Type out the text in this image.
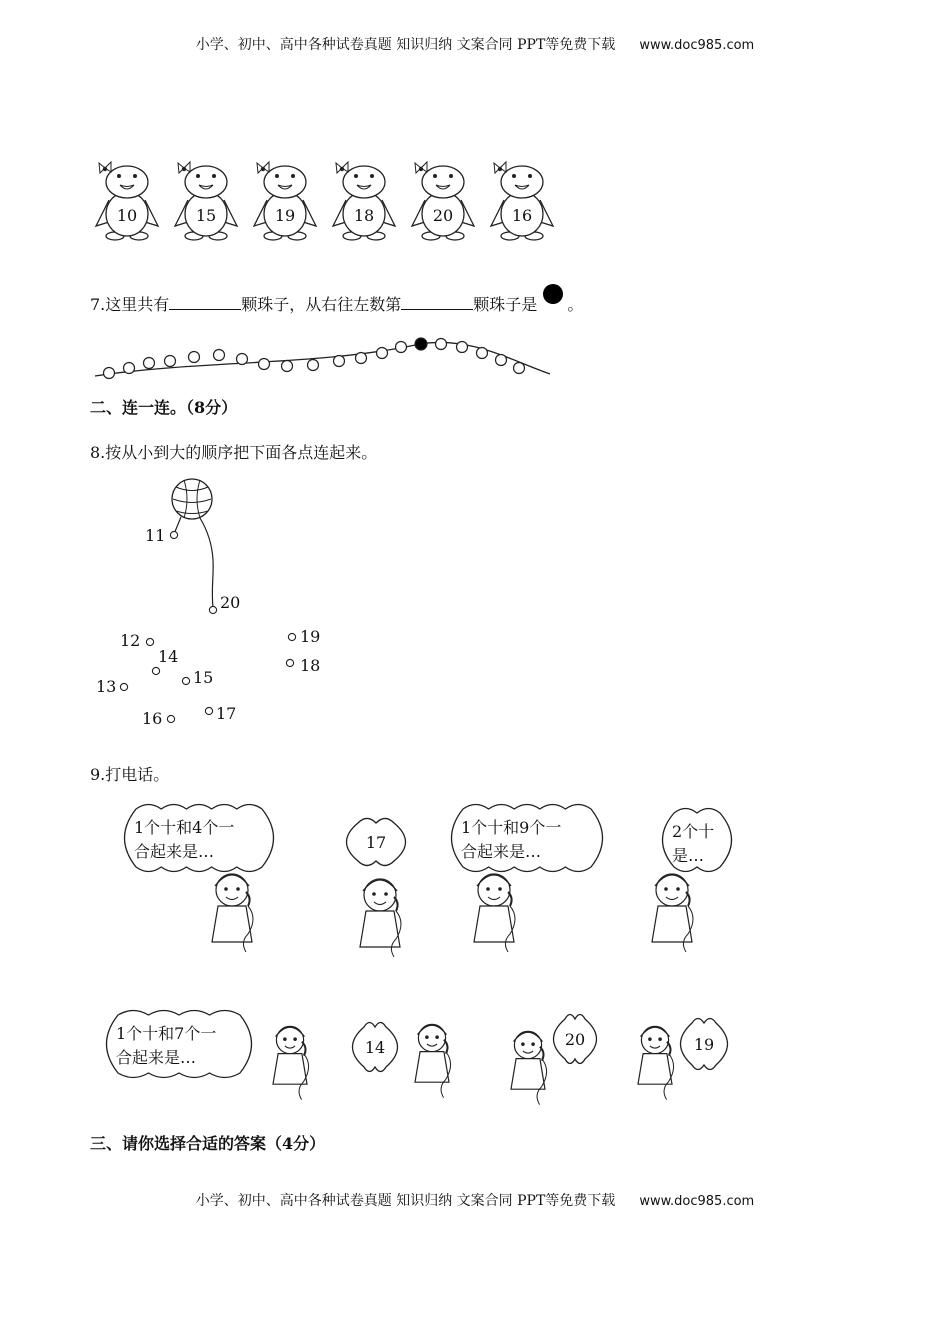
小学、初中、高中各种试卷真题 知识归纳 文案合同 PPT等免费下载 www.doc985.com
10	15	19	18	20	16
7.这里共有	颗珠子，从右往左数第	颗珠子是 。
二、连一连。（8分）
8.按从小到大的顺序把下面各点连起来。
11
20
12
14
13	15
19
18
16	17
9.打电话。
1个十和4个一
合起来是…	17
1个十和9个一
合起来是…
2个十
是…
1个十和7个一
合起来是…
14	20	19
三、请你选择合适的答案（4分）
小学、初中、高中各种试卷真题 知识归纳 文案合同 PPT等免费下载 www.doc985.com
